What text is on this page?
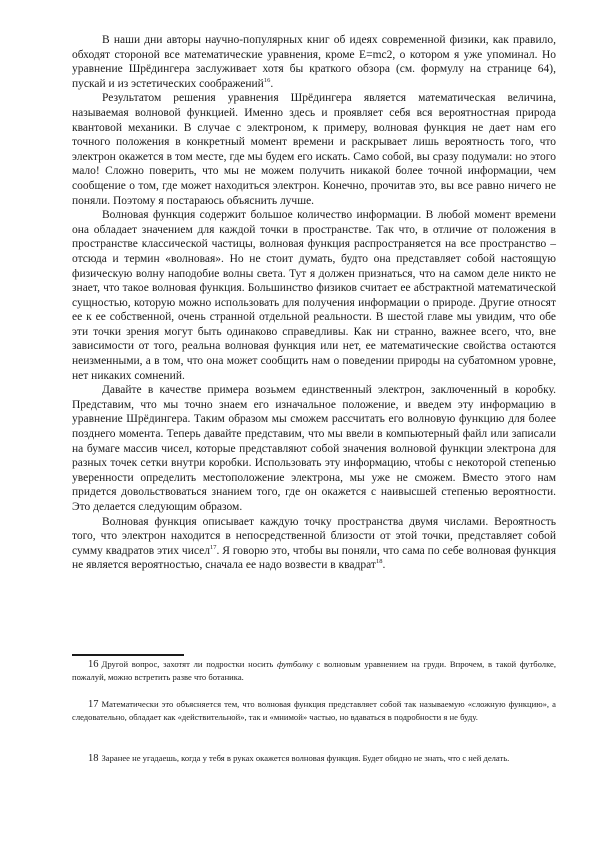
В наши дни авторы научно-популярных книг об идеях современной физики, как правило, обходят стороной все математические уравнения, кроме E=mc2, о котором я уже упоминал. Но уравнение Шрёдингера заслуживает хотя бы краткого обзора (см. формулу на странице 64), пускай и из эстетических соображений$^{16}$.

Результатом решения уравнения Шрёдингера является математическая величина, называемая волновой функцией. Именно здесь и проявляет себя вся вероятностная природа квантовой механики. В случае с электроном, к примеру, волновая функция не дает нам его точного положения в конкретный момент времени и раскрывает лишь вероятность того, что электрон окажется в том месте, где мы будем его искать. Само собой, вы сразу подумали: но этого мало! Сложно поверить, что мы не можем получить никакой более точной информации, чем сообщение о том, где может находиться электрон. Конечно, прочитав это, вы все равно ничего не поняли. Поэтому я постараюсь объяснить лучше.

Волновая функция содержит большое количество информации. В любой момент времени она обладает значением для каждой точки в пространстве. Так что, в отличие от положения в пространстве классической частицы, волновая функция распространяется на все пространство – отсюда и термин «волновая». Но не стоит думать, будто она представляет собой настоящую физическую волну наподобие волны света. Тут я должен признаться, что на самом деле никто не знает, что такое волновая функция. Большинство физиков считает ее абстрактной математической сущностью, которую можно использовать для получения информации о природе. Другие относят ее к ее собственной, очень странной отдельной реальности. В шестой главе мы увидим, что обе эти точки зрения могут быть одинаково справедливы. Как ни странно, важнее всего, что, вне зависимости от того, реальна волновая функция или нет, ее математические свойства остаются неизменными, а в том, что она может сообщить нам о поведении природы на субатомном уровне, нет никаких сомнений.

Давайте в качестве примера возьмем единственный электрон, заключенный в коробку. Представим, что мы точно знаем его изначальное положение, и введем эту информацию в уравнение Шрёдингера. Таким образом мы сможем рассчитать его волновую функцию для более позднего момента. Теперь давайте представим, что мы ввели в компьютерный файл или записали на бумаге массив чисел, которые представляют собой значения волновой функции электрона для разных точек сетки внутри коробки. Использовать эту информацию, чтобы с некоторой степенью уверенности определить местоположение электрона, мы уже не сможем. Вместо этого нам придется довольствоваться знанием того, где он окажется с наивысшей степенью вероятности. Это делается следующим образом.

Волновая функция описывает каждую точку пространства двумя числами. Вероятность того, что электрон находится в непосредственной близости от этой точки, представляет собой сумму квадратов этих чисел$^{17}$. Я говорю это, чтобы вы поняли, что сама по себе волновая функция не является вероятностью, сначала ее надо возвести в квадрат$^{18}$.

16 Другой вопрос, захотят ли подростки носить футболку с волновым уравнением на груди. Впрочем, в такой футболке, пожалуй, можно встретить разве что ботаника.
17 Математически это объясняется тем, что волновая функция представляет собой так называемую «сложную функцию», а следовательно, обладает как «действительной», так и «мнимой» частью, но вдаваться в подробности я не буду.
18 Заранее не угадаешь, когда у тебя в руках окажется волновая функция. Будет обидно не знать, что с ней делать.
